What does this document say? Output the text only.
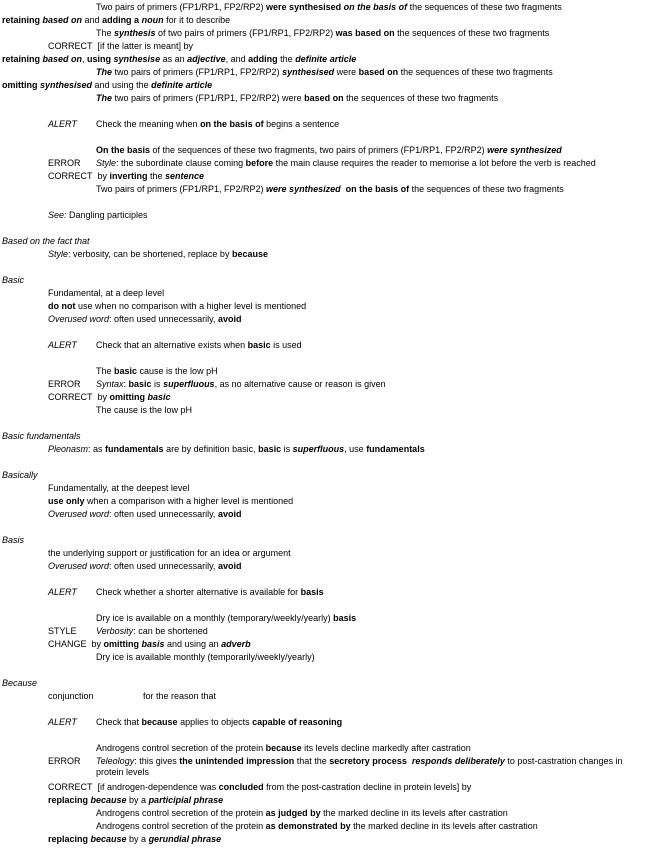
Two pairs of primers (FP1/RP1, FP2/RP2) were synthesised on the basis of the sequences of these two fragments
retaining based on and adding a noun for it to describe
The synthesis of two pairs of primers (FP1/RP1, FP2/RP2) was based on the sequences of these two fragments
CORRECT  [if the latter is meant] by
retaining based on, using synthesise as an adjective, and adding the definite article
The two pairs of primers (FP1/RP1, FP2/RP2) synthesised were based on the sequences of these two fragments
omitting synthesised and using the definite article
The two pairs of primers (FP1/RP1, FP2/RP2) were based on the sequences of these two fragments
ALERT Check the meaning when on the basis of begins a sentence
On the basis of the sequences of these two fragments, two pairs of primers (FP1/RP1, FP2/RP2) were synthesized
ERROR Style: the subordinate clause coming before the main clause requires the reader to memorise a lot before the verb is reached
CORRECT  by inverting the sentence
Two pairs of primers (FP1/RP1, FP2/RP2) were synthesized on the basis of the sequences of these two fragments
See: Dangling participles
Based on the fact that
Style: verbosity, can be shortened, replace by because
Basic
Fundamental, at a deep level
do not use when no comparison with a higher level is mentioned
Overused word: often used unnecessarily, avoid
ALERT Check that an alternative exists when basic is used
The basic cause is the low pH
ERROR Syntax: basic is superfluous, as no alternative cause or reason is given
CORRECT  by omitting basic
The cause is the low pH
Basic fundamentals
Pleonasm: as fundamentals are by definition basic, basic is superfluous, use fundamentals
Basically
Fundamentally, at the deepest level
use only when a comparison with a higher level is mentioned
Overused word: often used unnecessarily, avoid
Basis
the underlying support or justification for an idea or argument
Overused word: often used unnecessarily, avoid
ALERT Check whether a shorter alternative is available for basis
Dry ice is available on a monthly (temporary/weekly/yearly) basis
STYLE Verbosity: can be shortened
CHANGE  by omitting basis and using an adverb
Dry ice is available monthly (temporarily/weekly/yearly)
Because
conjunction	for the reason that
ALERT Check that because applies to objects capable of reasoning
Androgens control secretion of the protein because its levels decline markedly after castration
ERROR Teleology: this gives the unintended impression that the secretory process responds deliberately to post-castration changes in protein levels
CORRECT  [if androgen-dependence was concluded from the post-castration decline in protein levels] by
replacing because by a participial phrase
Androgens control secretion of the protein as judged by the marked decline in its levels after castration
Androgens control secretion of the protein as demonstrated by the marked decline in its levels after castration
replacing because by a gerundial phrase
